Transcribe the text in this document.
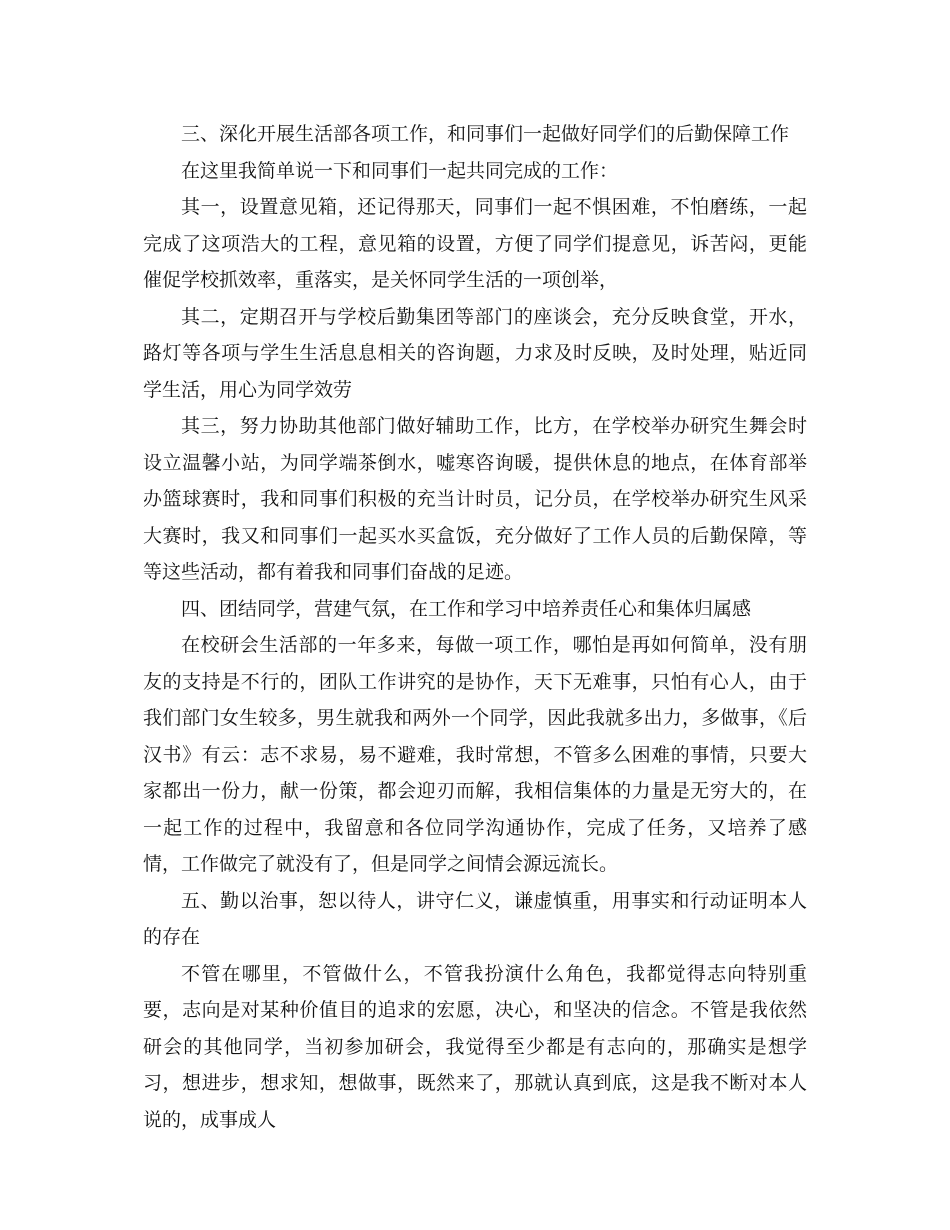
三、深化开展生活部各项工作，和同事们一起做好同学们的后勤保障工作

在这里我简单说一下和同事们一起共同完成的工作：

其一，设置意见箱，还记得那天，同事们一起不惧困难，不怕磨练，一起完成了这项浩大的工程，意见箱的设置，方便了同学们提意见，诉苦闷，更能催促学校抓效率，重落实，是关怀同学生活的一项创举，

其二，定期召开与学校后勤集团等部门的座谈会，充分反映食堂，开水，路灯等各项与学生生活息息相关的咨询题，力求及时反映，及时处理，贴近同学生活，用心为同学效劳

其三，努力协助其他部门做好辅助工作，比方，在学校举办研究生舞会时设立温馨小站，为同学端茶倒水，嘘寒咨询暖，提供休息的地点，在体育部举办篮球赛时，我和同事们积极的充当计时员，记分员，在学校举办研究生风采大赛时，我又和同事们一起买水买盒饭，充分做好了工作人员的后勤保障，等等这些活动，都有着我和同事们奋战的足迹。

四、团结同学，营建气氛，在工作和学习中培养责任心和集体归属感

在校研会生活部的一年多来，每做一项工作，哪怕是再如何简单，没有朋友的支持是不行的，团队工作讲究的是协作，天下无难事，只怕有心人，由于我们部门女生较多，男生就我和两外一个同学，因此我就多出力，多做事，《后汉书》有云：志不求易，易不避难，我时常想，不管多么困难的事情，只要大家都出一份力，献一份策，都会迎刃而解，我相信集体的力量是无穷大的，在一起工作的过程中，我留意和各位同学沟通协作，完成了任务，又培养了感情，工作做完了就没有了，但是同学之间情会源远流长。

五、勤以治事，恕以待人，讲守仁义，谦虚慎重，用事实和行动证明本人的存在

不管在哪里，不管做什么，不管我扮演什么角色，我都觉得志向特别重要，志向是对某种价值目的追求的宏愿，决心，和坚决的信念。不管是我依然研会的其他同学，当初参加研会，我觉得至少都是有志向的，那确实是想学习，想进步，想求知，想做事，既然来了，那就认真到底，这是我不断对本人说的，成事成人
